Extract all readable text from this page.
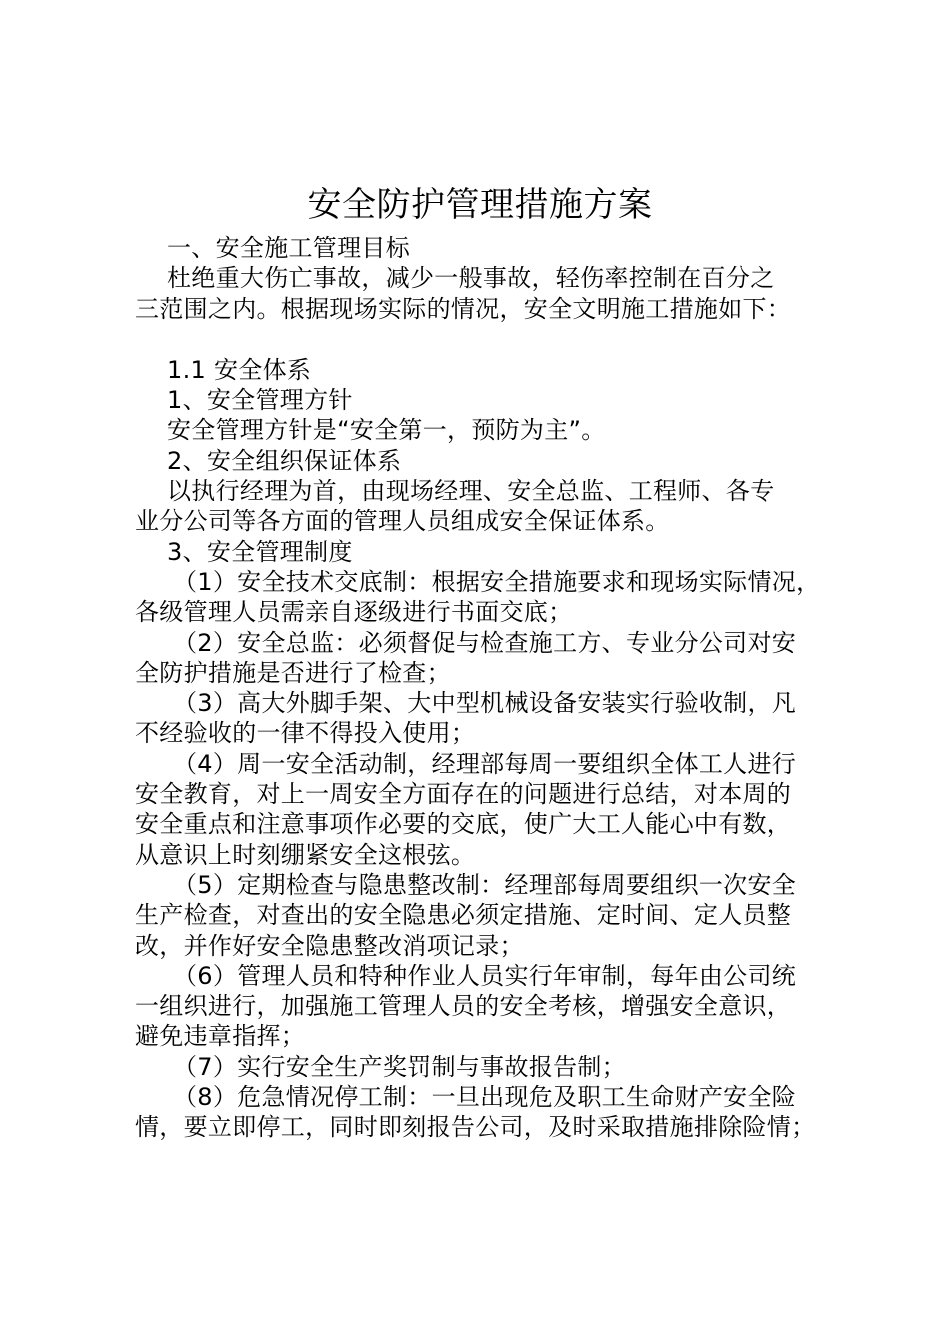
安全防护管理措施方案
一、安全施工管理目标
杜绝重大伤亡事故，减少一般事故，轻伤率控制在百分之
三范围之内。根据现场实际的情况，安全文明施工措施如下：
1.1 安全体系
1、安全管理方针
安全管理方针是“安全第一，预防为主”。
2、安全组织保证体系
以执行经理为首，由现场经理、安全总监、工程师、各专
业分公司等各方面的管理人员组成安全保证体系。
3、安全管理制度
（1）安全技术交底制：根据安全措施要求和现场实际情况，
各级管理人员需亲自逐级进行书面交底；
（2）安全总监：必须督促与检查施工方、专业分公司对安
全防护措施是否进行了检查；
（3）高大外脚手架、大中型机械设备安装实行验收制，凡
不经验收的一律不得投入使用；
（4）周一安全活动制，经理部每周一要组织全体工人进行
安全教育，对上一周安全方面存在的问题进行总结，对本周的
安全重点和注意事项作必要的交底，使广大工人能心中有数，
从意识上时刻绷紧安全这根弦。
（5）定期检查与隐患整改制：经理部每周要组织一次安全
生产检查，对查出的安全隐患必须定措施、定时间、定人员整
改，并作好安全隐患整改消项记录；
（6）管理人员和特种作业人员实行年审制，每年由公司统
一组织进行，加强施工管理人员的安全考核，增强安全意识，
避免违章指挥；
（7）实行安全生产奖罚制与事故报告制；
（8）危急情况停工制：一旦出现危及职工生命财产安全险
情，要立即停工，同时即刻报告公司，及时采取措施排除险情；
